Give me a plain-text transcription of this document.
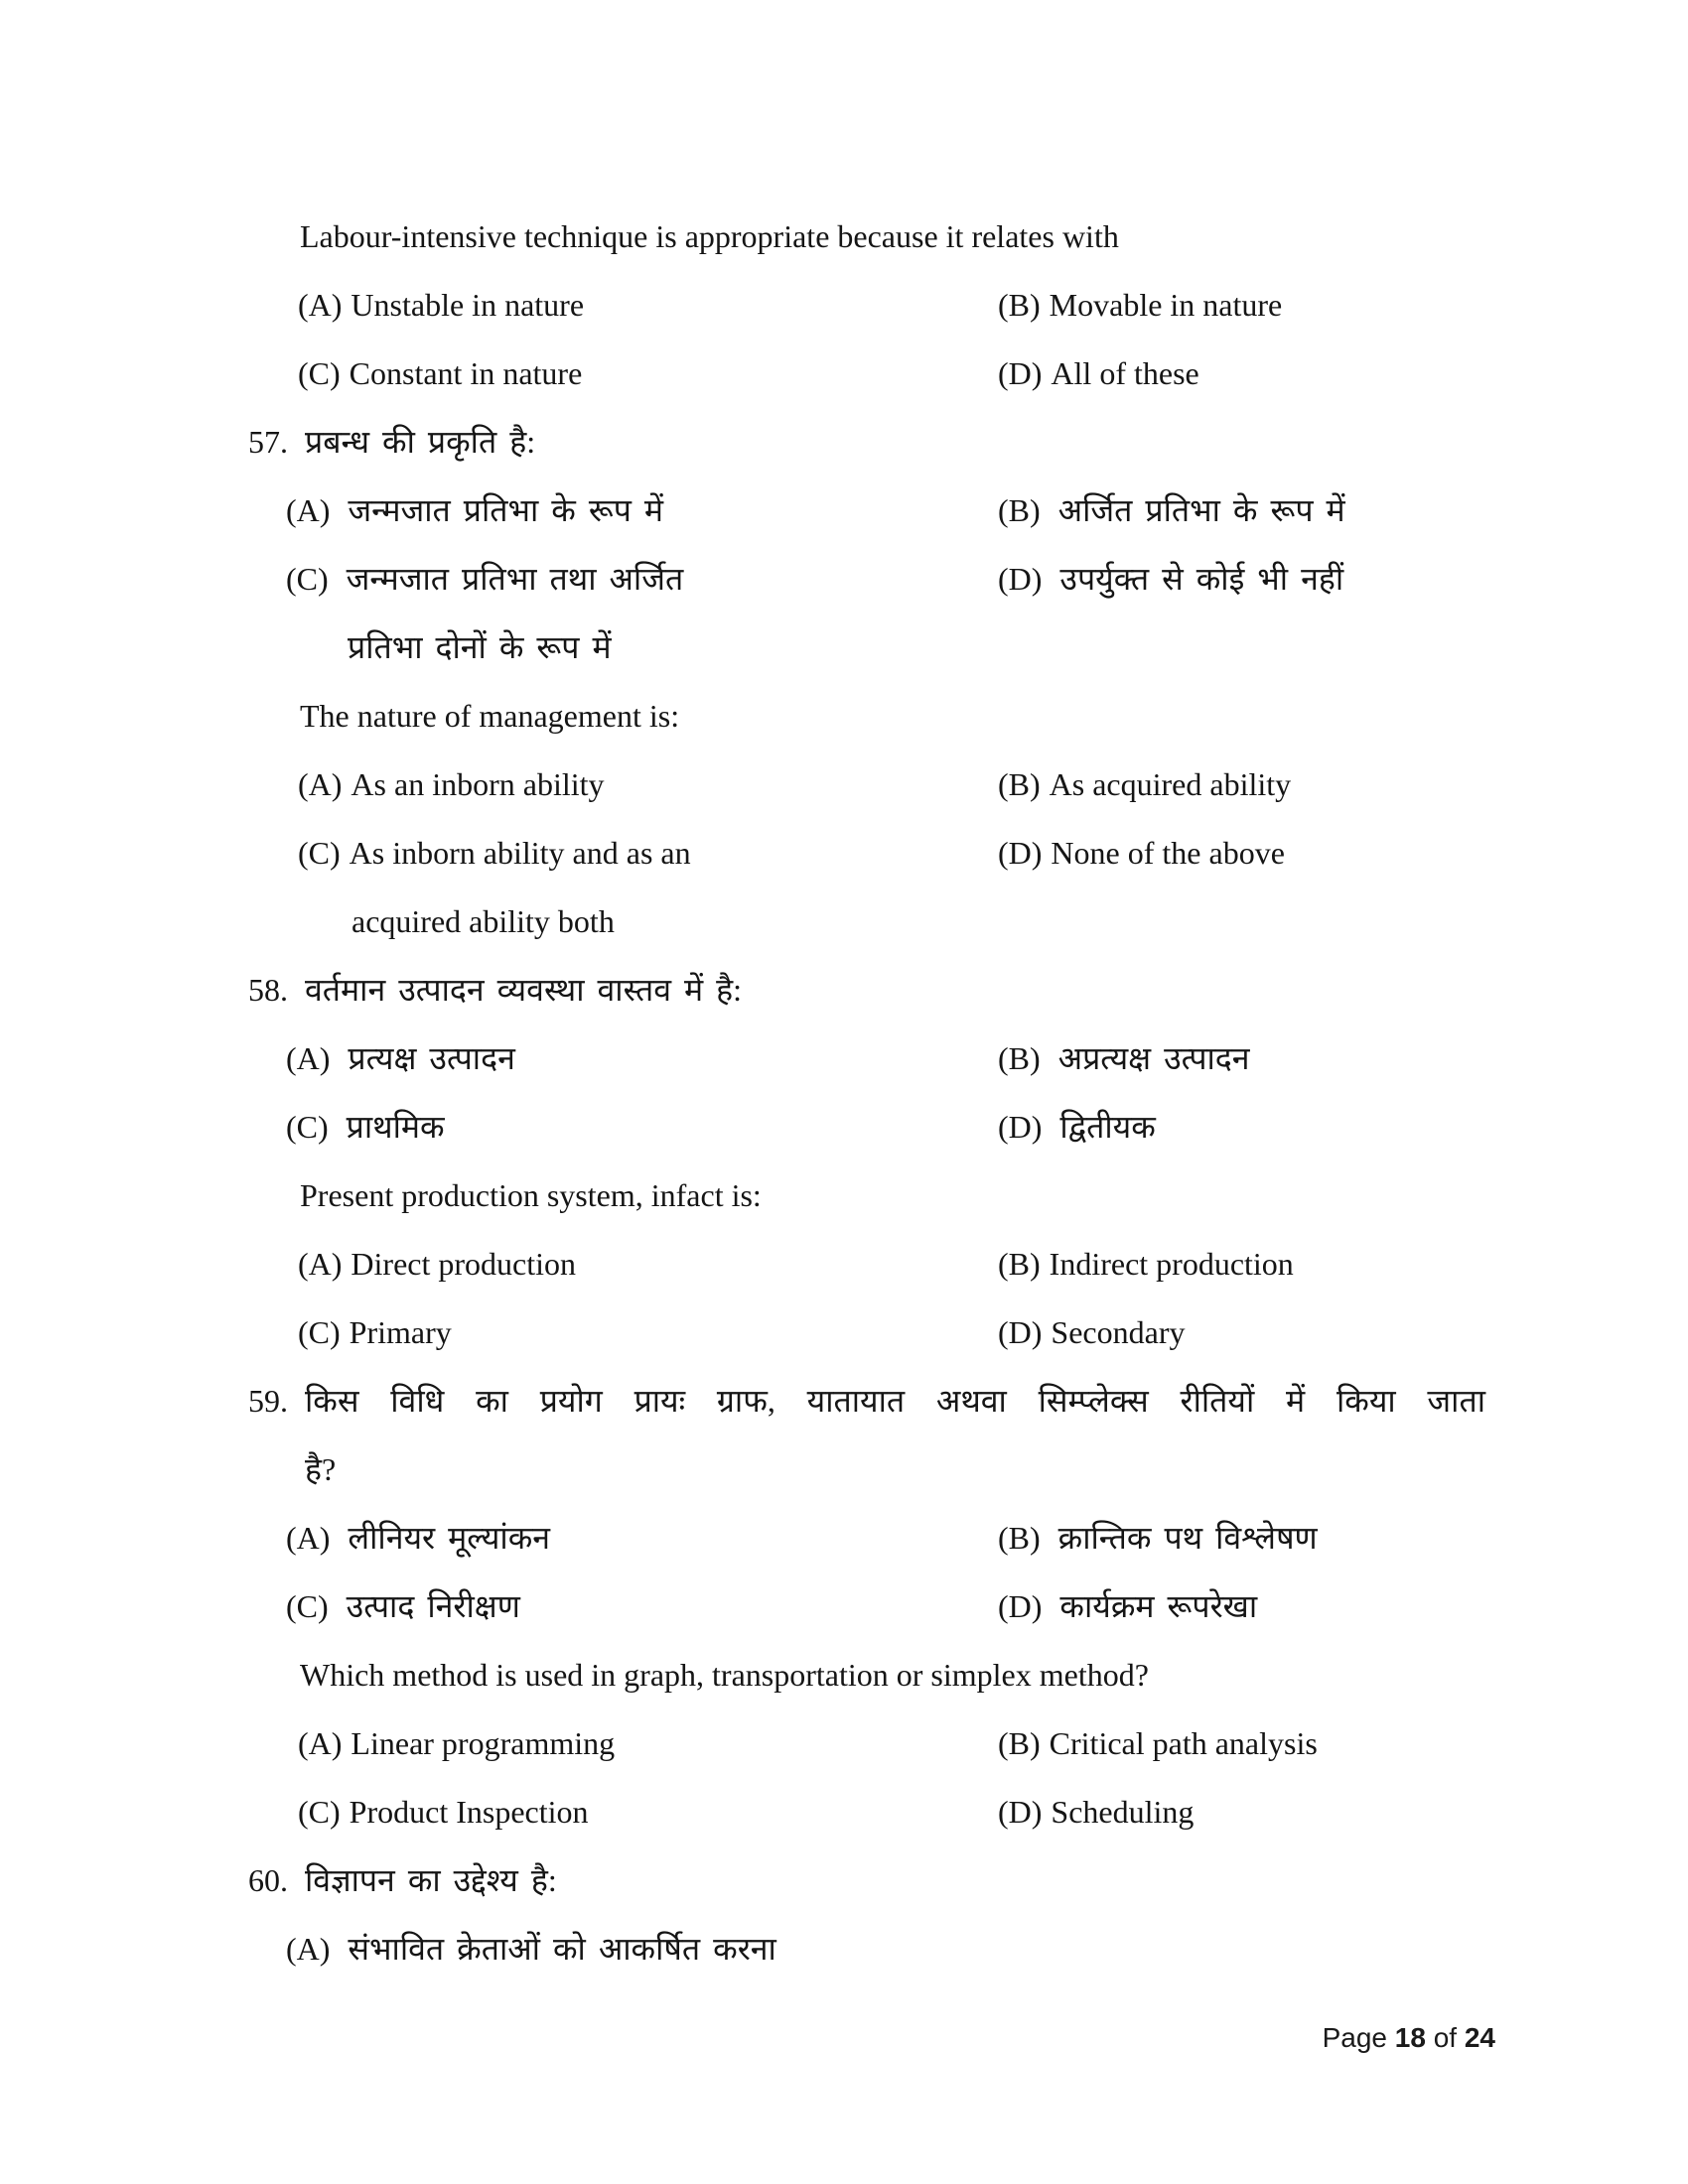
Labour-intensive technique is appropriate because it relates with
(A) Unstable in nature	(B) Movable in nature
(C) Constant in nature	(D) All of these
57. प्रबन्ध की प्रकृति है:
(A) जन्मजात प्रतिभा के रूप में	(B) अर्जित प्रतिभा के रूप में
(C) जन्मजात प्रतिभा तथा अर्जित	(D) उपर्युक्त से कोई भी नहीं
प्रतिभा दोनों के रूप में
The nature of management is:
(A) As an inborn ability	(B) As acquired ability
(C) As inborn ability and as an	(D) None of the above
acquired ability both
58. वर्तमान उत्पादन व्यवस्था वास्तव में है:
(A) प्रत्यक्ष उत्पादन	(B) अप्रत्यक्ष उत्पादन
(C) प्राथमिक	(D) द्वितीयक
Present production system, infact is:
(A) Direct production	(B) Indirect production
(C) Primary	(D) Secondary
59. किस विधि का प्रयोग प्रायः ग्राफ, यातायात अथवा सिम्प्लेक्स रीतियों में किया जाता
है?
(A) लीनियर मूल्यांकन	(B) क्रान्तिक पथ विश्लेषण
(C) उत्पाद निरीक्षण	(D) कार्यक्रम रूपरेखा
Which method is used in graph, transportation or simplex method?
(A) Linear programming	(B) Critical path analysis
(C) Product Inspection	(D) Scheduling
60. विज्ञापन का उद्देश्य है:
(A) संभावित क्रेताओं को आकर्षित करना
Page 18 of 24
